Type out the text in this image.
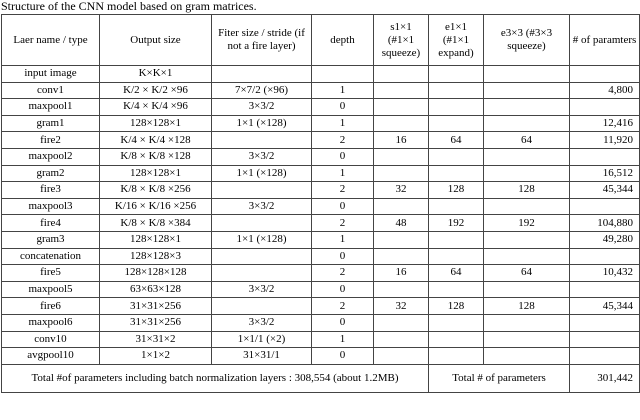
Structure of the CNN model based on gram matrices.
Laer name / type	Output size	Fiter size / stride (if not a fire layer)	depth	s1×1 (#1×1 squeeze)	e1×1 (#1×1 expand)	e3×3 (#3×3 squeeze)	# of paramters
input image	K×K×1						
conv1	K/2 × K/2 ×96	7×7/2 (×96)	1				4,800
maxpool1	K/4 × K/4 ×96	3×3/2	0				
gram1	128×128×1	1×1 (×128)	1				12,416
fire2	K/4 × K/4 ×128		2	16	64	64	11,920
maxpool2	K/8 × K/8 ×128	3×3/2	0				
gram2	128×128×1	1×1 (×128)	1				16,512
fire3	K/8 × K/8 ×256		2	32	128	128	45,344
maxpool3	K/16 × K/16 ×256	3×3/2	0				
fire4	K/8 × K/8 ×384		2	48	192	192	104,880
gram3	128×128×1	1×1 (×128)	1				49,280
concatenation	128×128×3		0				
fire5	128×128×128		2	16	64	64	10,432
maxpool5	63×63×128	3×3/2	0				
fire6	31×31×256		2	32	128	128	45,344
maxpool6	31×31×256	3×3/2	0				
conv10	31×31×2	1×1/1 (×2)	1				
avgpool10	1×1×2	31×31/1	0				
Total #of parameters including batch normalization layers : 308,554 (about 1.2MB)					Total # of parameters		301,442
